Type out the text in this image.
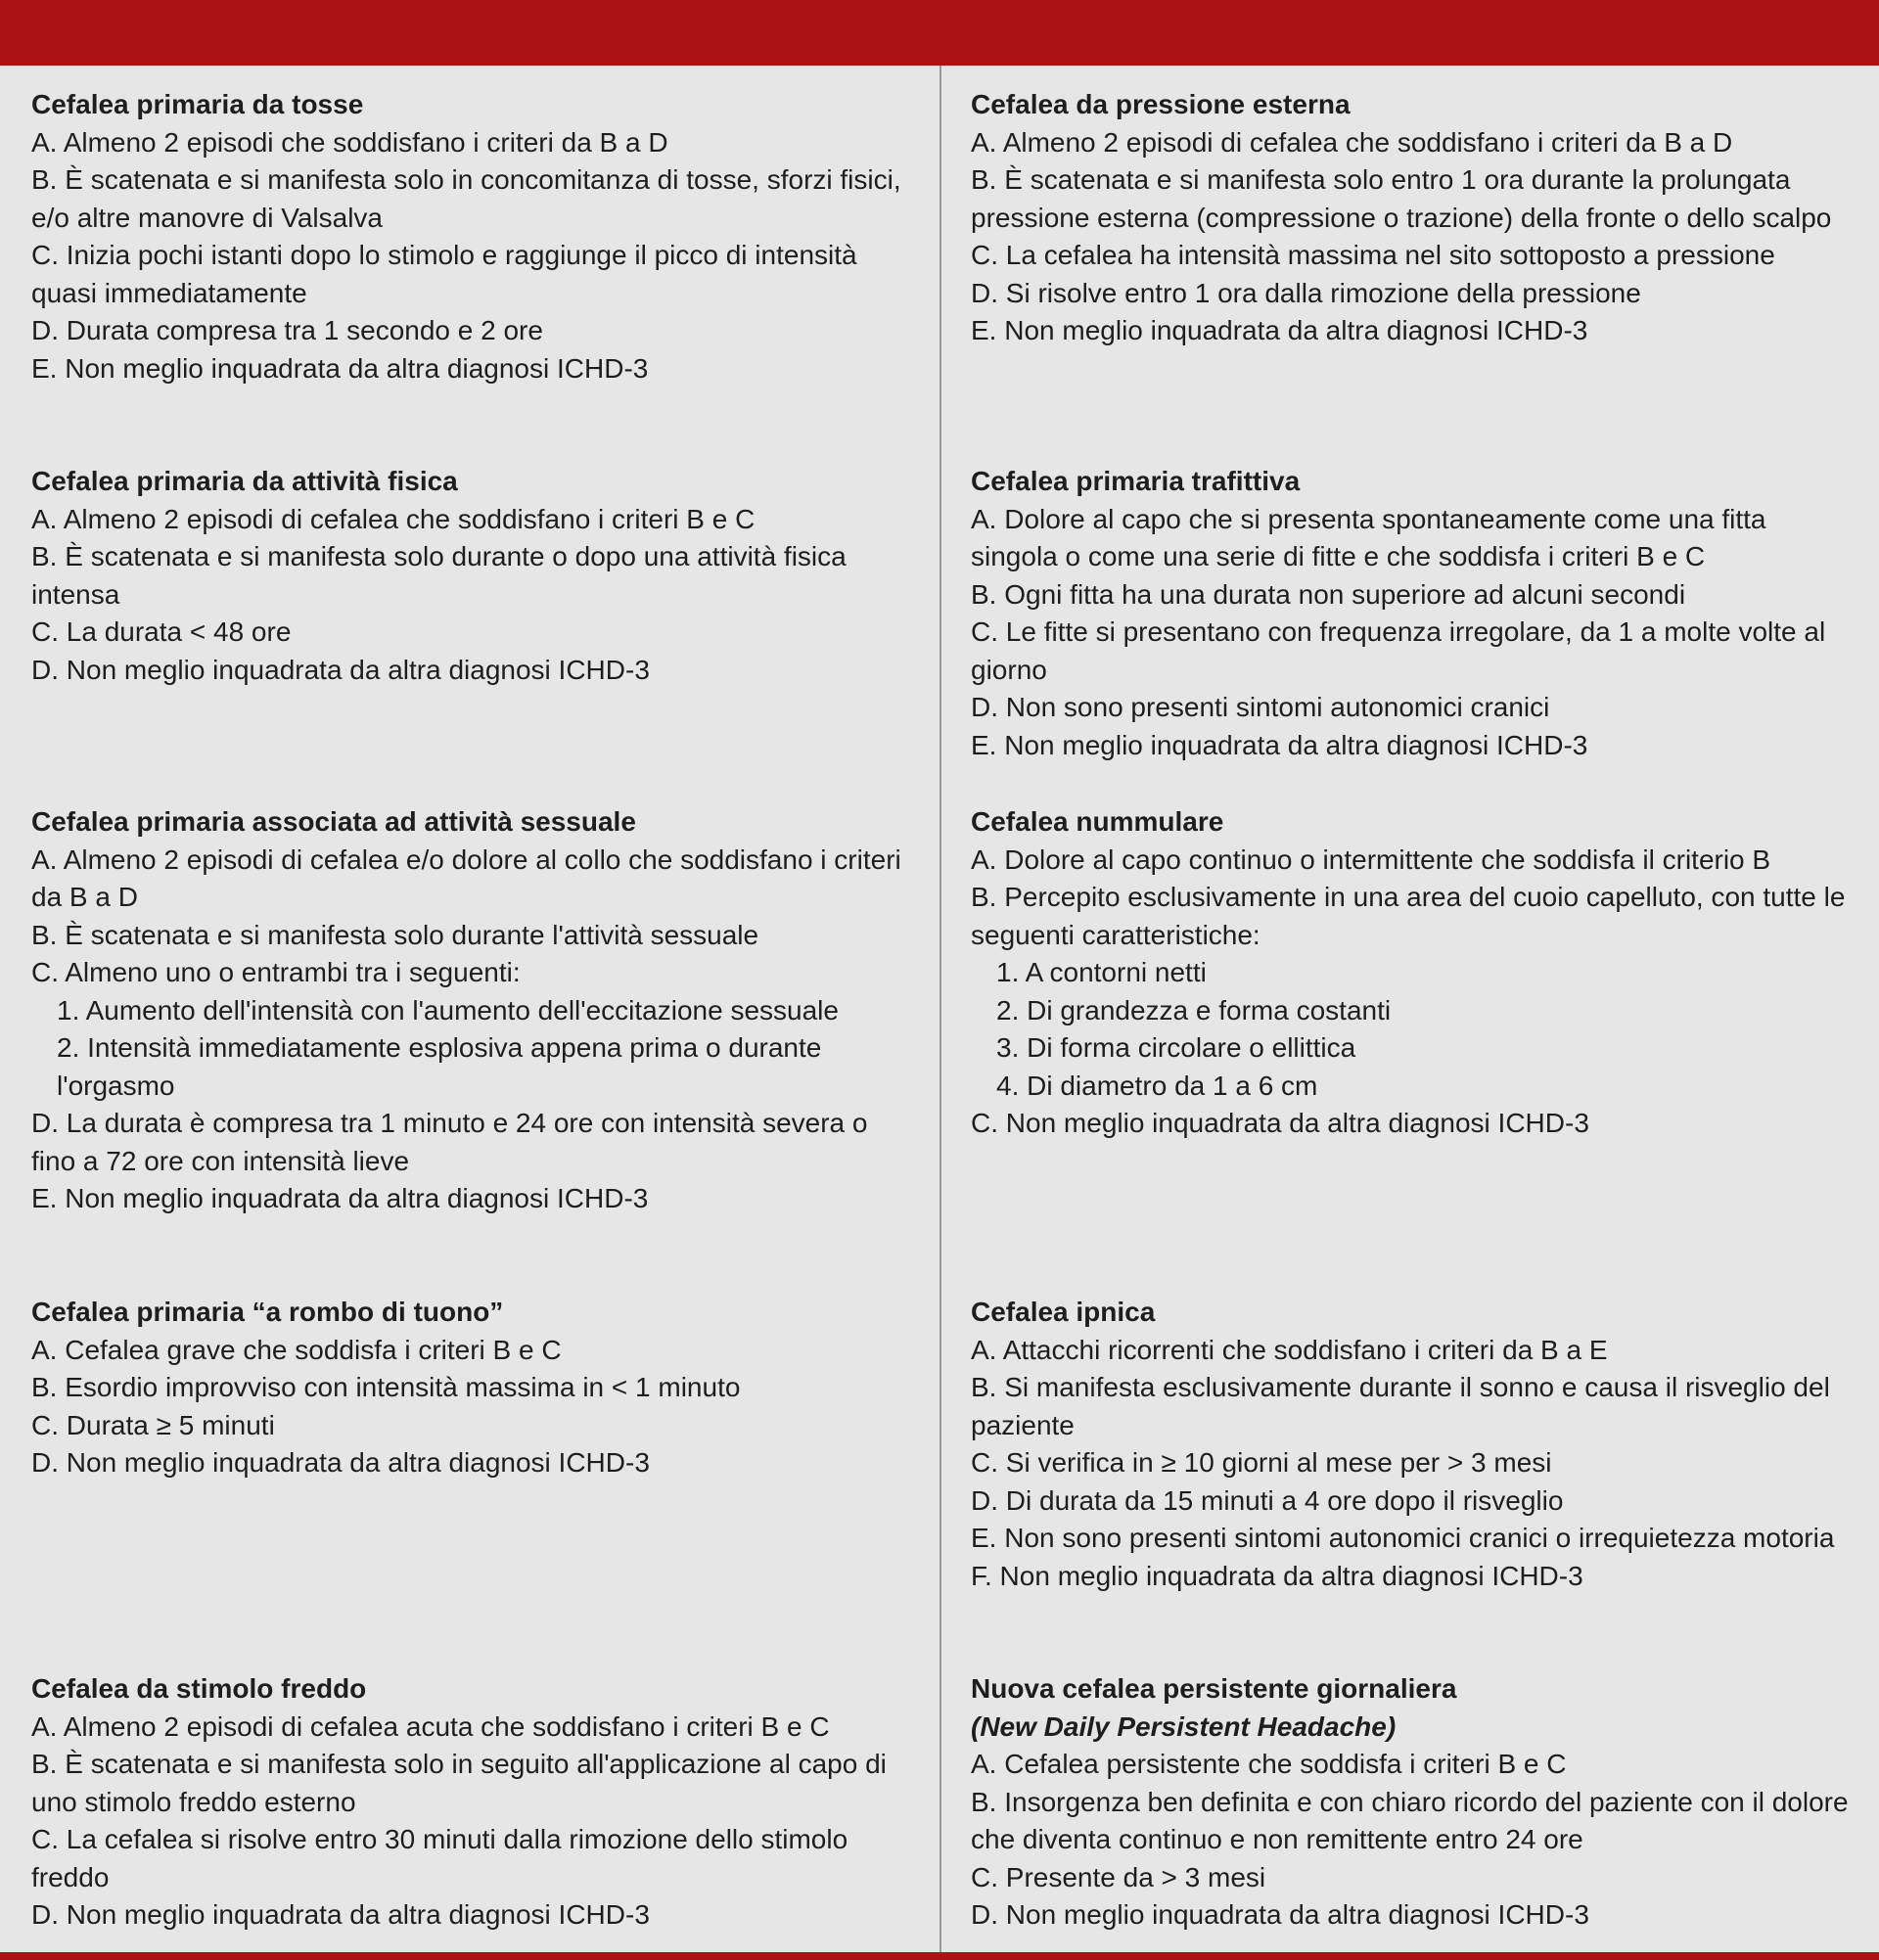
Cefalea primaria da tosse

A. Almeno 2 episodi che soddisfano i criteri da B a D

B. È scatenata e si manifesta solo in concomitanza di tosse, sforzi fisici, e/o altre manovre di Valsalva

C. Inizia pochi istanti dopo lo stimolo e raggiunge il picco di intensità quasi immediatamente

D. Durata compresa tra 1 secondo e 2 ore

E. Non meglio inquadrata da altra diagnosi ICHD-3

Cefalea primaria da attività fisica

A. Almeno 2 episodi di cefalea che soddisfano i criteri B e C

B. È scatenata e si manifesta solo durante o dopo una attività fisica intensa

C. La durata < 48 ore

D. Non meglio inquadrata da altra diagnosi ICHD-3

Cefalea primaria associata ad attività sessuale

A. Almeno 2 episodi di cefalea e/o dolore al collo che soddisfano i criteri da B a D

B. È scatenata e si manifesta solo durante l'attività sessuale

C. Almeno uno o entrambi tra i seguenti:

1. Aumento dell'intensità con l'aumento dell'eccitazione sessuale

2. Intensità immediatamente esplosiva appena prima o durante l'orgasmo

D. La durata è compresa tra 1 minuto e 24 ore con intensità severa o fino a 72 ore con intensità lieve

E. Non meglio inquadrata da altra diagnosi ICHD-3

Cefalea primaria “a rombo di tuono”

A. Cefalea grave che soddisfa i criteri B e C

B. Esordio improvviso con intensità massima in < 1 minuto

C. Durata ≥ 5 minuti

D. Non meglio inquadrata da altra diagnosi ICHD-3

Cefalea da stimolo freddo

A. Almeno 2 episodi di cefalea acuta che soddisfano i criteri B e C

B. È scatenata e si manifesta solo in seguito all'applicazione al capo di uno stimolo freddo esterno

C. La cefalea si risolve entro 30 minuti dalla rimozione dello stimolo freddo

D. Non meglio inquadrata da altra diagnosi ICHD-3

Cefalea da pressione esterna

A. Almeno 2 episodi di cefalea che soddisfano i criteri da B a D

B. È scatenata e si manifesta solo entro 1 ora durante la prolungata pressione esterna (compressione o trazione) della fronte o dello scalpo

C. La cefalea ha intensità massima nel sito sottoposto a pressione

D. Si risolve entro 1 ora dalla rimozione della pressione

E. Non meglio inquadrata da altra diagnosi ICHD-3

Cefalea primaria trafittiva

A. Dolore al capo che si presenta spontaneamente come una fitta singola o come una serie di fitte e che soddisfa i criteri B e C

B. Ogni fitta ha una durata non superiore ad alcuni secondi

C. Le fitte si presentano con frequenza irregolare, da 1 a molte volte al giorno

D. Non sono presenti sintomi autonomici cranici

E. Non meglio inquadrata da altra diagnosi ICHD-3

Cefalea nummulare

A. Dolore al capo continuo o intermittente che soddisfa il criterio B

B. Percepito esclusivamente in una area del cuoio capelluto, con tutte le seguenti caratteristiche:

1. A contorni netti

2. Di grandezza e forma costanti

3. Di forma circolare o ellittica

4. Di diametro da 1 a 6 cm

C. Non meglio inquadrata da altra diagnosi ICHD-3

Cefalea ipnica

A. Attacchi ricorrenti che soddisfano i criteri da B a E

B. Si manifesta esclusivamente durante il sonno e causa il risveglio del paziente

C. Si verifica in ≥ 10 giorni al mese per > 3 mesi

D. Di durata da 15 minuti a 4 ore dopo il risveglio

E. Non sono presenti sintomi autonomici cranici o irrequietezza motoria

F. Non meglio inquadrata da altra diagnosi ICHD-3

Nuova cefalea persistente giornaliera

(New Daily Persistent Headache)

A. Cefalea persistente che soddisfa i criteri B e C

B. Insorgenza ben definita e con chiaro ricordo del paziente con il dolore che diventa continuo e non remittente entro 24 ore

C. Presente da > 3 mesi

D. Non meglio inquadrata da altra diagnosi ICHD-3
